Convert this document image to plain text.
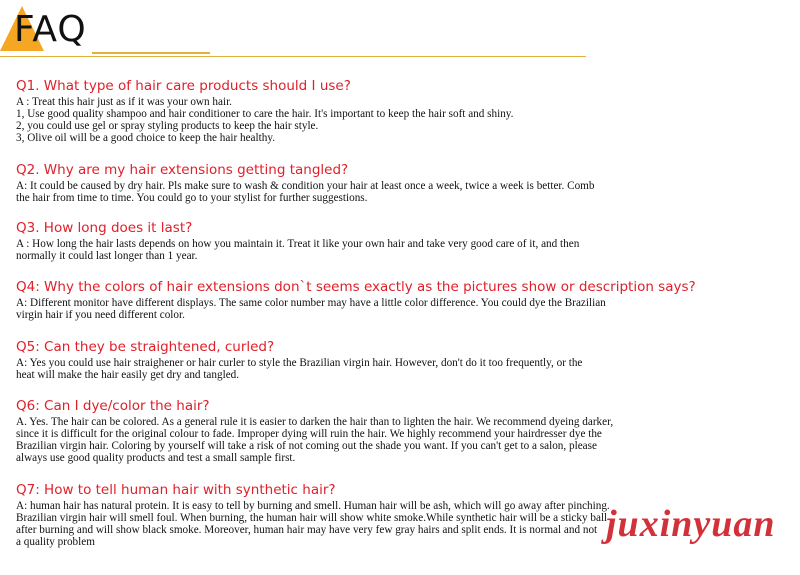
FAQ
Q1. What type of hair care products should I use?
A : Treat this hair just as if it was your own hair.
1, Use good quality shampoo and hair conditioner to care the hair. It's important to keep the hair soft and shiny.
2, you could use gel or spray styling products to keep the hair style.
3, Olive oil will be a good choice to keep the hair healthy.
Q2. Why are my hair extensions getting tangled?
A: It could be caused by dry hair. Pls make sure to wash & condition your hair at least once a week, twice a week is better. Comb
the hair from time to time. You could go to your stylist for further suggestions.
Q3. How long does it last?
A : How long the hair lasts depends on how you maintain it. Treat it like your own hair and take very good care of it, and then
normally it could last longer than 1 year.
Q4: Why the colors of hair extensions don`t seems exactly as the pictures show or description says?
A: Different monitor have different displays. The same color number may have a little color difference. You could dye the Brazilian
virgin hair if you need different color.
Q5: Can they be straightened, curled?
A: Yes you could use hair straighener or hair curler to style the Brazilian virgin hair. However, don't do it too frequently, or the
heat will make the hair easily get dry and tangled.
Q6: Can I dye/color the hair?
A. Yes. The hair can be colored. As a general rule it is easier to darken the hair than to lighten the hair. We recommend dyeing darker,
since it is difficult for the original colour to fade. Improper dying will ruin the hair. We highly recommend your hairdresser dye the
Brazilian virgin hair. Coloring by yourself will take a risk of not coming out the shade you want. If you can't get to a salon, please
always use good quality products and test a small sample first.
Q7: How to tell human hair with synthetic hair?
A: human hair has natural protein. It is easy to tell by burning and smell. Human hair will be ash, which will go away after pinching.
Brazilian virgin hair will smell foul. When burning, the human hair will show white smoke.While synthetic hair will be a sticky ball
after burning and will show black smoke. Moreover, human hair may have very few gray hairs and split ends. It is normal and not
a quality problem	juxinyuan
